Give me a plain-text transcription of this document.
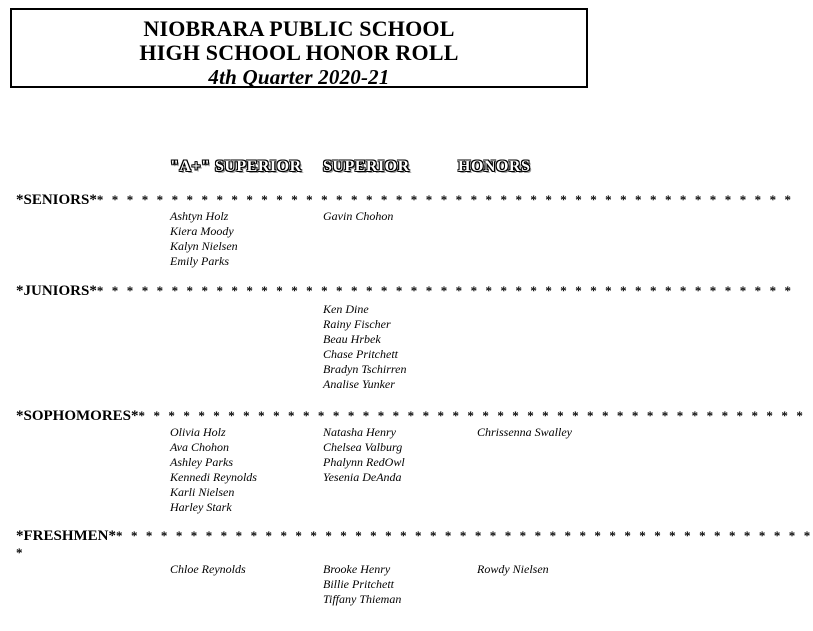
NIOBRARA PUBLIC SCHOOL
HIGH SCHOOL HONOR ROLL
4th Quarter 2020-21
"A+" SUPERIOR SUPERIOR	HONORS
*SENIORS** * * * * * * * * * * * * * * * * * * * * * * * * * * * * * * * * * * * * * * * * * * * * * *
Ashtyn Holz
Kiera Moody
Kalyn Nielsen
Emily Parks
Gavin Chohon
*JUNIORS** * * * * * * * * * * * * * * * * * * * * * * * * * * * * * * * * * * * * * * * * * * * * * *
Ken Dine
Rainy Fischer
Beau Hrbek
Chase Pritchett
Bradyn Tschirren
Analise Yunker
*SOPHOMORES** * * * * * * * * * * * * * * * * * * * * * * * * * * * * * * * * * * * * * * * * * * * *
Olivia Holz
Ava Chohon
Ashley Parks
Kennedi Reynolds
Karli Nielsen
Harley Stark
Natasha Henry
Chelsea Valburg
Phalynn RedOwl
Yesenia DeAnda
Chrissenna Swalley
*FRESHMEN** * * * * * * * * * * * * * * * * * * * * * * * * * * * * * * * * * * * * * * * * * * * * * *
*
Chloe Reynolds	Brooke Henry
Billie Pritchett
Tiffany Thieman
Rowdy Nielsen
